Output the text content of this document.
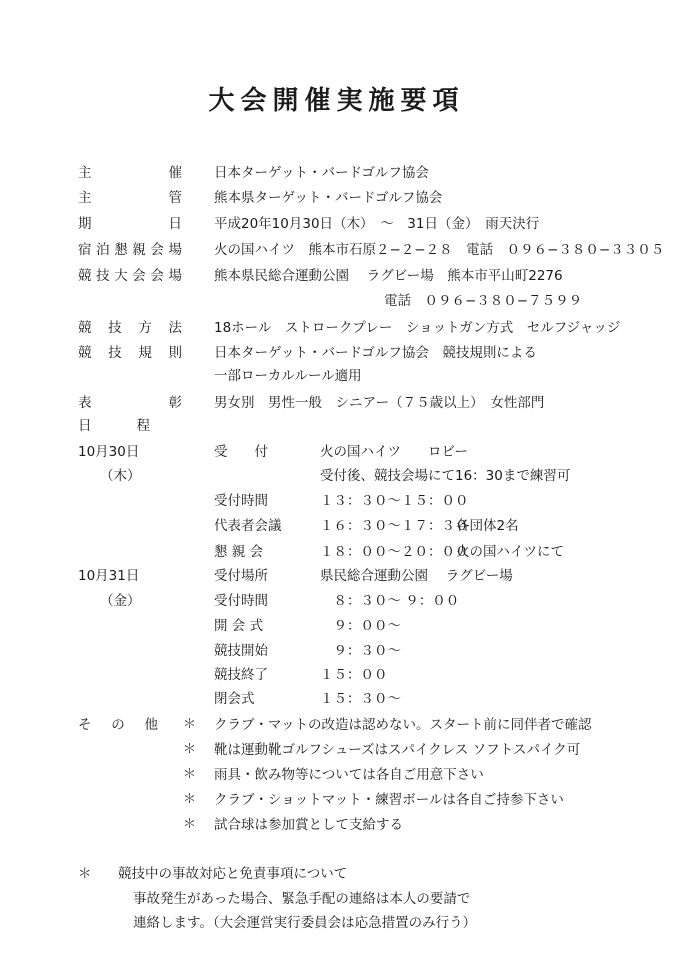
大会開催実施要項
主	催 日本ターゲット・バードゴルフ協会
主	管 熊本県ターゲット・バードゴルフ協会
期	日 平成20年10月30日（木）　～　31日（金）　雨天決行
宿 泊 懇 親 会 場 火の国ハイツ　熊本市石原２−２−２８　電話　０９６−３８０−３３０５
競 技 大 会 会 場 熊本県民総合運動公園　 ラグビー場　熊本市平山町2276
電話　０９６−３８０−７５９９
競 技 方 法 18ホール　ストロークプレー　ショットガン方式　セルフジャッジ
競 技 規 則 日本ターゲット・バードゴルフ協会　競技規則による
一部ローカルルール適用
表	彰 男女別　男性一般　シニアー（７５歳以上）　女性部門
日	程
10月30日
（木）
受　　付	火の国ハイツ　　ロビー
受付後、競技会場にて16：30まで練習可
受付時間	１３：３０～１５：００
代表者会議	１６：３０～１７：３０
各団体2名
懇 親 会	１８：００～２０：００
火の国ハイツにて
10月31日
（金）
受付場所	県民総合運動公園　 ラグビー場
受付時間	　８：３０～ ９：００
開 会 式	　９：００～
競技開始	　９：３０～
競技終了	１５：００
閉会式	１５：３０～
そ の 他 ＊ クラブ・マットの改造は認めない。スタート前に同伴者で確認
＊ 靴は運動靴ゴルフシューズはスパイクレス ソフトスパイク可
＊ 雨具・飲み物等については各自ご用意下さい
＊ クラブ・ショットマット・練習ボールは各自ご持参下さい
＊ 試合球は参加賞として支給する
＊ 競技中の事故対応と免責事項について
事故発生があった場合、緊急手配の連絡は本人の要請で
連絡します。（大会運営実行委員会は応急措置のみ行う）
